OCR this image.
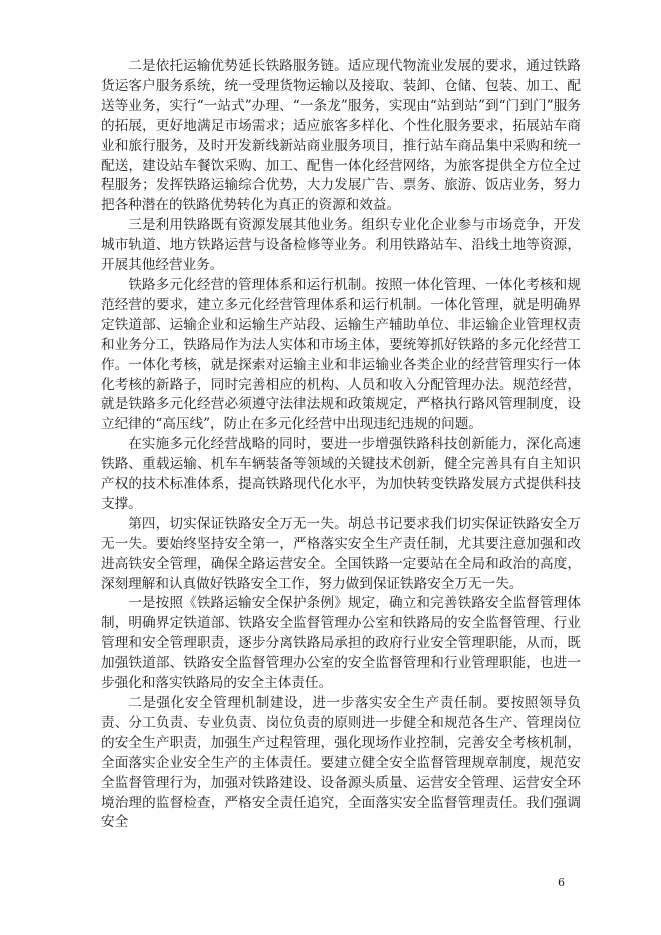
二是依托运输优势延长铁路服务链。适应现代物流业发展的要求，通过铁路货运客户服务系统，统一受理货物运输以及接取、装卸、仓储、包装、加工、配送等业务，实行“一站式”办理、“一条龙”服务，实现由“站到站”到“门到门”服务的拓展，更好地满足市场需求；适应旅客多样化、个性化服务要求，拓展站车商业和旅行服务，及时开发新线新站商业服务项目，推行站车商品集中采购和统一配送，建设站车餐饮采购、加工、配售一体化经营网络，为旅客提供全方位全过程服务；发挥铁路运输综合优势，大力发展广告、票务、旅游、饭店业务，努力把各种潜在的铁路优势转化为真正的资源和效益。

三是利用铁路既有资源发展其他业务。组织专业化企业参与市场竞争，开发城市轨道、地方铁路运营与设备检修等业务。利用铁路站车、沿线土地等资源，开展其他经营业务。

铁路多元化经营的管理体系和运行机制。按照一体化管理、一体化考核和规范经营的要求，建立多元化经营管理体系和运行机制。一体化管理，就是明确界定铁道部、运输企业和运输生产站段、运输生产辅助单位、非运输企业管理权责和业务分工，铁路局作为法人实体和市场主体，要统筹抓好铁路的多元化经营工作。一体化考核，就是探索对运输主业和非运输业各类企业的经营管理实行一体化考核的新路子，同时完善相应的机构、人员和收入分配管理办法。规范经营，就是铁路多元化经营必须遵守法律法规和政策规定，严格执行路风管理制度，设立纪律的“高压线”，防止在多元化经营中出现违纪违规的问题。

在实施多元化经营战略的同时，要进一步增强铁路科技创新能力，深化高速铁路、重载运输、机车车辆装备等领域的关键技术创新，健全完善具有自主知识产权的技术标准体系，提高铁路现代化水平，为加快转变铁路发展方式提供科技支撑。

第四，切实保证铁路安全万无一失。胡总书记要求我们切实保证铁路安全万无一失。要始终坚持安全第一，严格落实安全生产责任制，尤其要注意加强和改进高铁安全管理，确保全路运营安全。全国铁路一定要站在全局和政治的高度，深刻理解和认真做好铁路安全工作，努力做到保证铁路安全万无一失。

一是按照《铁路运输安全保护条例》规定，确立和完善铁路安全监督管理体制，明确界定铁道部、铁路安全监督管理办公室和铁路局的安全监督管理、行业管理和安全管理职责，逐步分离铁路局承担的政府行业安全管理职能，从而，既加强铁道部、铁路安全监督管理办公室的安全监督管理和行业管理职能，也进一步强化和落实铁路局的安全主体责任。

二是强化安全管理机制建设，进一步落实安全生产责任制。要按照领导负责、分工负责、专业负责、岗位负责的原则进一步健全和规范各生产、管理岗位的安全生产职责，加强生产过程管理，强化现场作业控制，完善安全考核机制，全面落实企业安全生产的主体责任。要建立健全安全监督管理规章制度，规范安全监督管理行为，加强对铁路建设、设备源头质量、运营安全管理、运营安全环境治理的监督检查，严格安全责任追究，全面落实安全监督管理责任。我们强调安全

6
